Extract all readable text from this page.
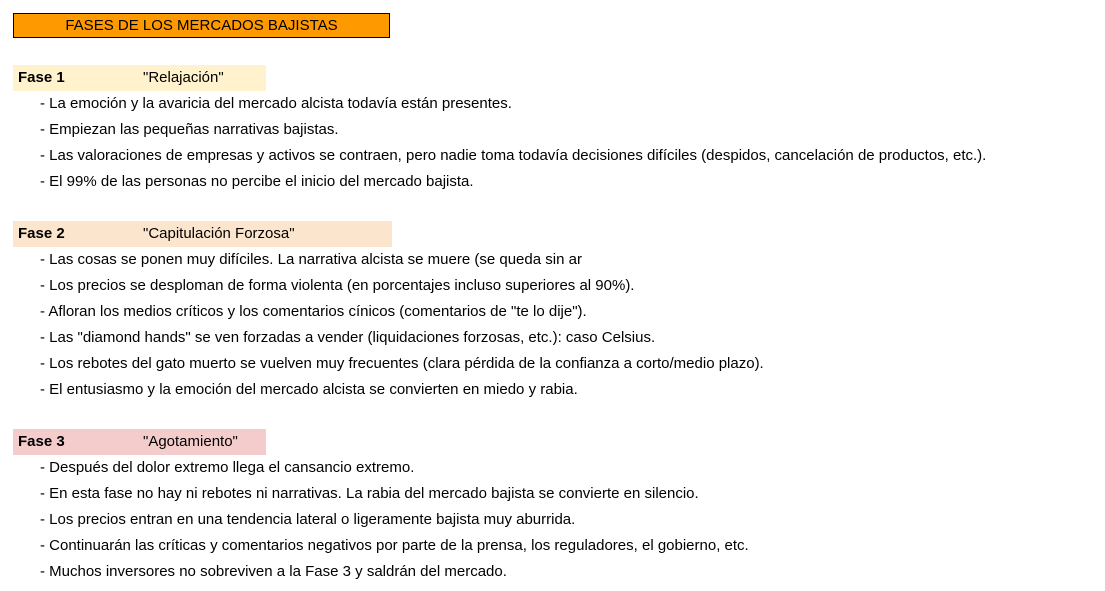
FASES DE LOS MERCADOS BAJISTAS
Fase 1	"Relajación"
- La emoción y la avaricia del mercado alcista todavía están presentes.
- Empiezan las pequeñas narrativas bajistas.
- Las valoraciones de empresas y activos se contraen, pero nadie toma todavía decisiones difíciles (despidos, cancelación de productos, etc.).
- El 99% de las personas no percibe el inicio del mercado bajista.
Fase 2	"Capitulación Forzosa"
- Las cosas se ponen muy difíciles. La narrativa alcista se muere (se queda sin ar
- Los precios se desploman de forma violenta (en porcentajes incluso superiores al 90%).
- Afloran los medios críticos y los comentarios cínicos (comentarios de "te lo dije").
- Las "diamond hands" se ven forzadas a vender (liquidaciones forzosas, etc.): caso Celsius.
- Los rebotes del gato muerto se vuelven muy frecuentes (clara pérdida de la confianza a corto/medio plazo).
- El entusiasmo y la emoción del mercado alcista se convierten en miedo y rabia.
Fase 3	"Agotamiento"
- Después del dolor extremo llega el cansancio extremo.
- En esta fase no hay ni rebotes ni narrativas. La rabia del mercado bajista se convierte en silencio.
- Los precios entran en una tendencia lateral o ligeramente bajista muy aburrida.
- Continuarán las críticas y comentarios negativos por parte de la prensa, los reguladores, el gobierno, etc.
- Muchos inversores no sobreviven a la Fase 3 y saldrán del mercado.
